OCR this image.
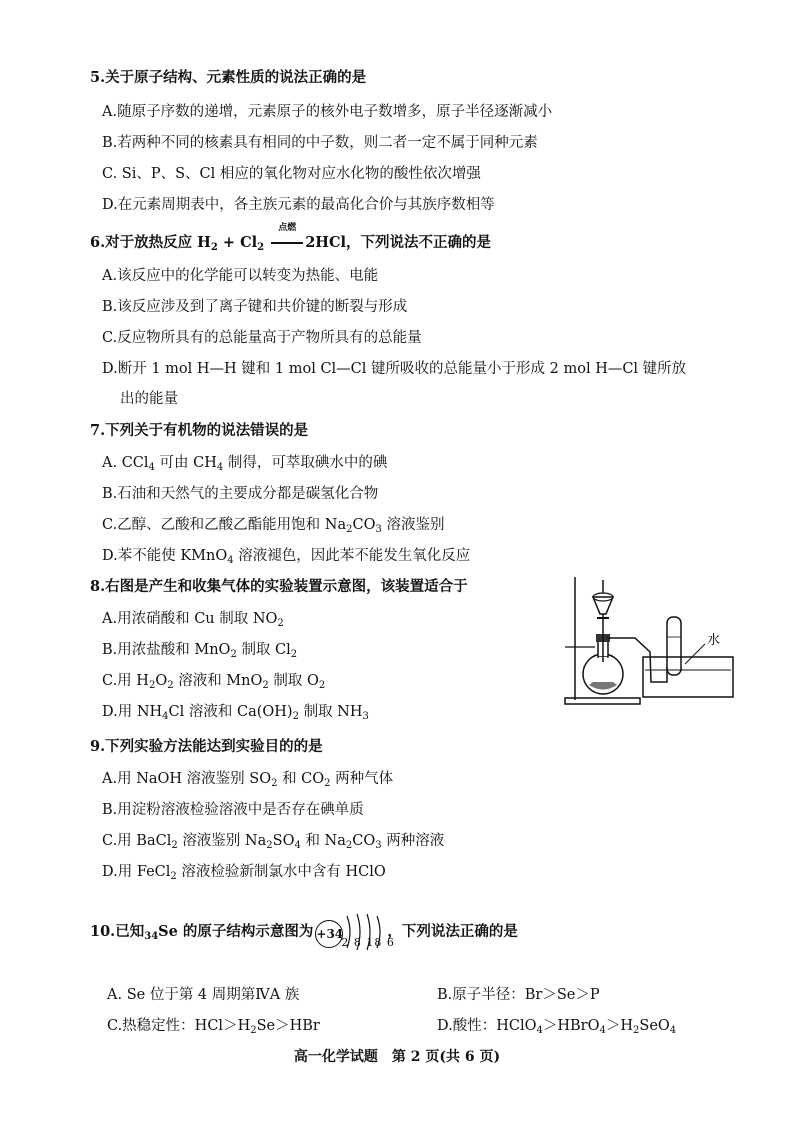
5.关于原子结构、元素性质的说法正确的是
A.随原子序数的递增，元素原子的核外电子数增多，原子半径逐渐减小
B.若两种不同的核素具有相同的中子数，则二者一定不属于同种元素
C. Si、P、S、Cl 相应的氧化物对应水化物的酸性依次增强
D.在元素周期表中，各主族元素的最高化合价与其族序数相等
6.对于放热反应 $H_2 + Cl_2$
点燃
2HCl，下列说法不正确的是
A.该反应中的化学能可以转变为热能、电能
B.该反应涉及到了离子键和共价键的断裂与形成
C.反应物所具有的总能量高于产物所具有的总能量
D.断开 1 mol H—H 键和 1 mol Cl—Cl 键所吸收的总能量小于形成 2 mol H—Cl 键所放
出的能量
7.下列关于有机物的说法错误的是
A. CCl$_4$ 可由 $CH_4$ 制得，可萃取碘水中的碘
B.石油和天然气的主要成分都是碳氢化合物
C.乙醇、乙酸和乙酸乙酯能用饱和 $Na_2CO_3$ 溶液鉴别
D.苯不能使 KMnO$_4$ 溶液褪色，因此苯不能发生氧化反应
8.右图是产生和收集气体的实验装置示意图，该装置适合于
A.用浓硝酸和 Cu 制取 $NO_2$
B.用浓盐酸和 MnO$_2$ 制取 $Cl_2$
C.用 $H_2O_2$ 溶液和 MnO$_2$ 制取 $O_2$
D.用 $NH_4Cl$ 溶液和 $Ca(OH)_2$ 制取 $NH_3$
水
9.下列实验方法能达到实验目的的是
A.用 NaOH 溶液鉴别 $SO_2$ 和 $CO_2$ 两种气体
B.用淀粉溶液检验溶液中是否存在碘单质
C.用 BaCl$_2$ 溶液鉴别 $Na_2SO_4$ 和 $Na_2CO_3$ 两种溶液
D.用 FeCl$_2$ 溶液检验新制氯水中含有 HClO
10.已知$_{34}$Se 的原子结构示意图为 +34
2 8 18 6
，下列说法正确的是
A. Se 位于第 4 周期第ⅣA 族	B.原子半径：Br＞Se＞P
C.热稳定性：$HCl>H_2Se>HBr$	D.酸性：$HClO_4>HBrO_4>H_2SeO_4$
高一化学试题　第 2 页(共 6 页)
